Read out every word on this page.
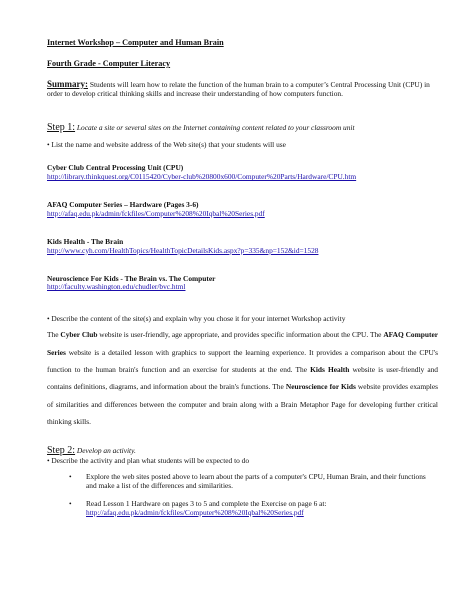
Internet Workshop – Computer and Human Brain
Fourth Grade - Computer Literacy
Summary: Students will learn how to relate the function of the human brain to a computer’s Central Processing Unit (CPU) in order to develop critical thinking skills and increase their understanding of how computers function.
Step 1: Locate a site or several sites on the Internet containing content related to your classroom unit
• List the name and website address of the Web site(s) that your students will use
Cyber Club Central Processing Unit (CPU)
http://library.thinkquest.org/C0115420/Cyber-club%20800x600/Computer%20Parts/Hardware/CPU.htm
AFAQ Computer Series – Hardware (Pages 3-6)
http://afaq.edu.pk/admin/fckfiles/Computer%208%20Iqbal%20Series.pdf
Kids Health - The Brain
http://www.cyh.com/HealthTopics/HealthTopicDetailsKids.aspx?p=335&np=152&id=1528
Neuroscience For Kids - The Brain vs. The Computer
http://faculty.washington.edu/chudler/bvc.html
• Describe the content of the site(s) and explain why you chose it for your internet Workshop activity
The Cyber Club website is user-friendly, age appropriate, and provides specific information about the CPU. The AFAQ Computer Series website is a detailed lesson with graphics to support the learning experience. It provides a comparison about the CPU's function to the human brain's function and an exercise for students at the end. The Kids Health website is user-friendly and contains definitions, diagrams, and information about the brain's functions. The Neuroscience for Kids website provides examples of similarities and differences between the computer and brain along with a Brain Metaphor Page for developing further critical thinking skills.
Step 2: Develop an activity.
• Describe the activity and plan what students will be expected to do
• Explore the web sites posted above to learn about the parts of a computer's CPU, Human Brain, and their functions and make a list of the differences and similarities.
• Read Lesson 1 Hardware on pages 3 to 5 and complete the Exercise on page 6 at:
http://afaq.edu.pk/admin/fckfiles/Computer%208%20Iqbal%20Series.pdf
